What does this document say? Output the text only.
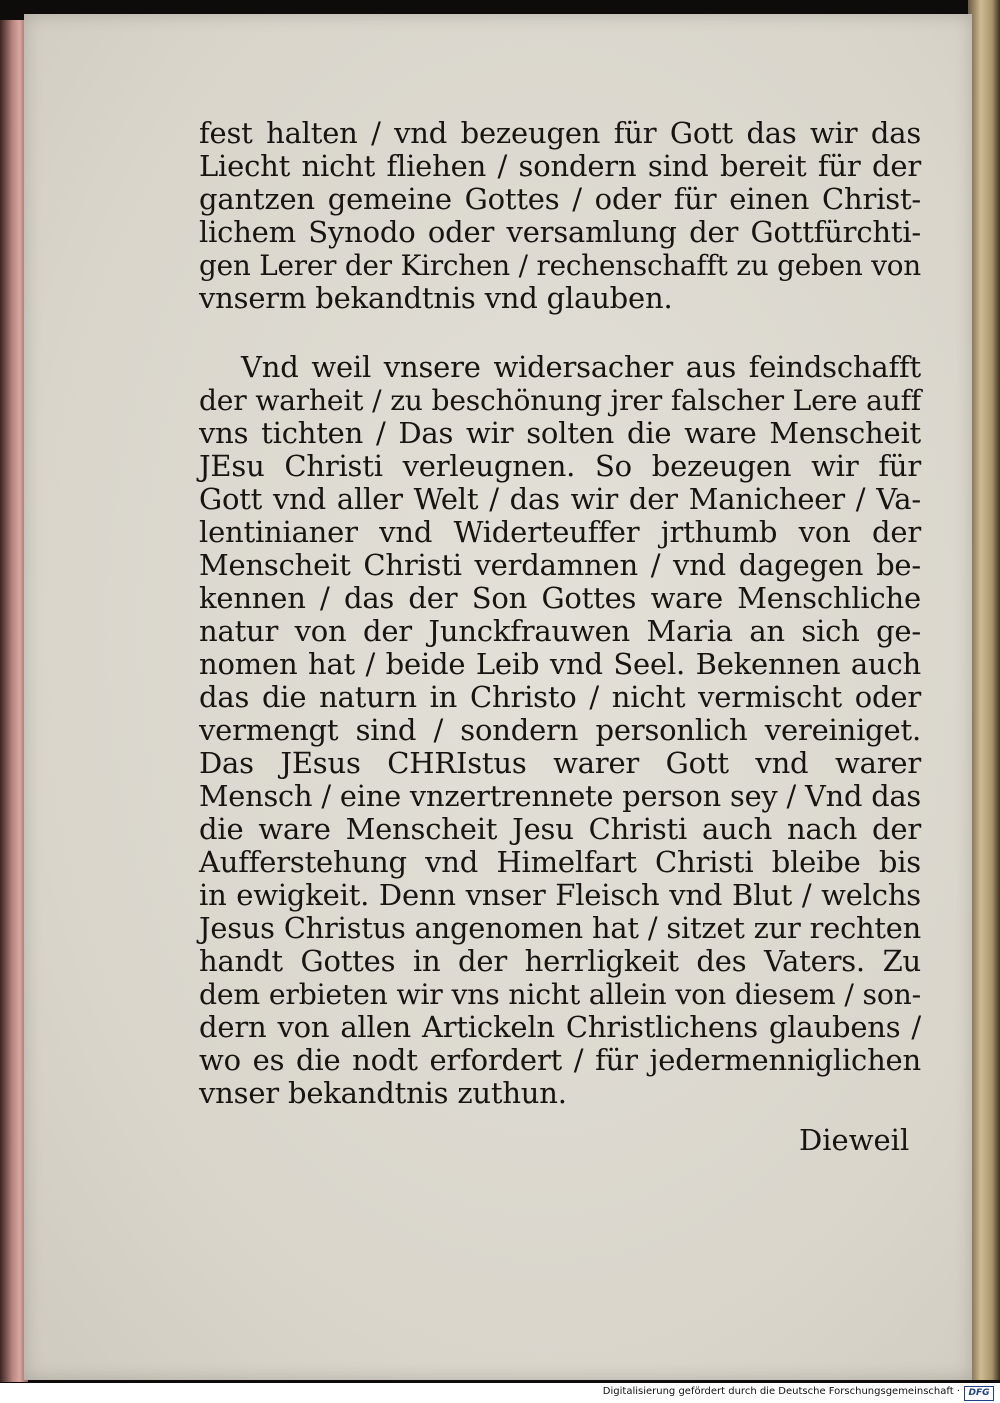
fest halten / vnd bezeugen für Gott das wir das
Liecht nicht fliehen / sondern sind bereit für der
gantzen gemeine Gottes / oder für einen Christ-
lichem Synodo oder versamlung der Gottfürchti-
gen Lerer der Kirchen / rechenschafft zu geben von
vnserm bekandtnis vnd glauben.
Vnd weil vnsere widersacher aus feindschafft
der warheit / zu beschönung jrer falscher Lere auff
vns tichten / Das wir solten die ware Menscheit
JEsu Christi verleugnen. So bezeugen wir für
Gott vnd aller Welt / das wir der Manicheer / Va-
lentinianer vnd Widerteuffer jrthumb von der
Menscheit Christi verdamnen / vnd dagegen be-
kennen / das der Son Gottes ware Menschliche
natur von der Junckfrauwen Maria an sich ge-
nomen hat / beide Leib vnd Seel. Bekennen auch
das die naturn in Christo / nicht vermischt oder
vermengt sind / sondern personlich vereiniget.
Das JEsus CHRIstus warer Gott vnd warer
Mensch / eine vnzertrennete person sey / Vnd das
die ware Menscheit Jesu Christi auch nach der
Aufferstehung vnd Himelfart Christi bleibe bis
in ewigkeit. Denn vnser Fleisch vnd Blut / welchs
Jesus Christus angenomen hat / sitzet zur rechten
handt Gottes in der herrligkeit des Vaters. Zu
dem erbieten wir vns nicht allein von diesem / son-
dern von allen Artickeln Christlichens glaubens /
wo es die nodt erfordert / für jedermenniglichen
vnser bekandtnis zuthun.
Dieweil
Digitalisierung gefördert durch die Deutsche Forschungsgemeinschaft · DFG
